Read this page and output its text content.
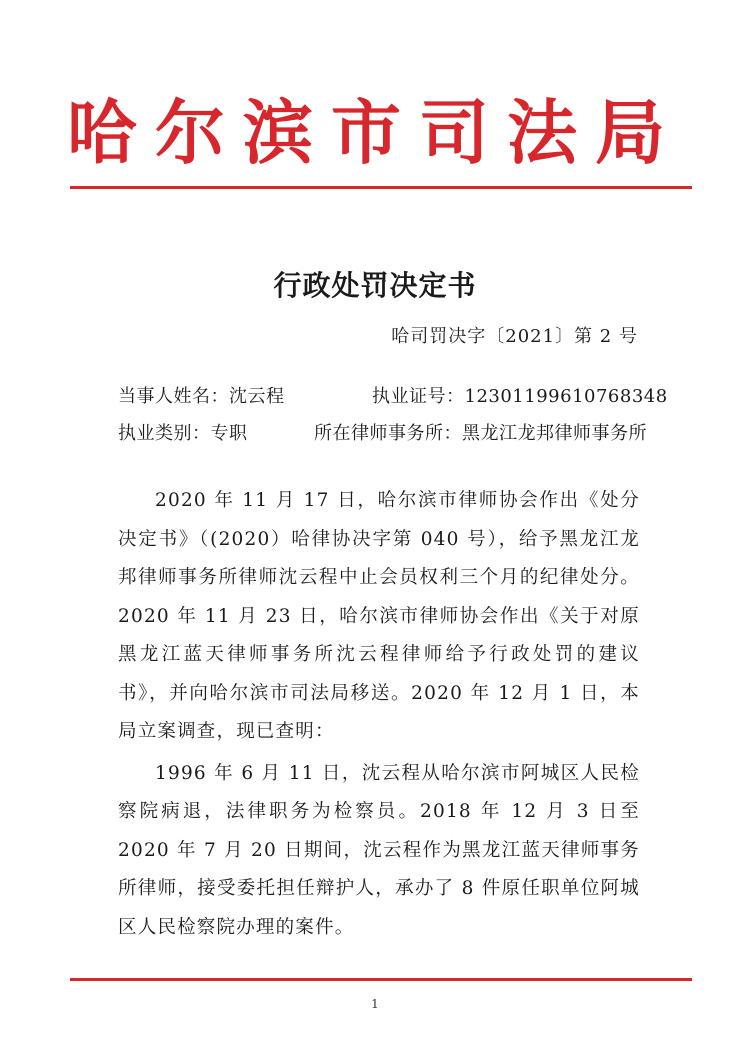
哈尔滨市司法局
行政处罚决定书
哈司罚决字〔2021〕第 2 号
当事人姓名：沈云程	执业证号：12301199610768348
执业类别：专职	所在律师事务所：黑龙江龙邦律师事务所

2020 年 11 月 17 日，哈尔滨市律师协会作出《处分决定书》（(2020）哈律协决字第 040 号），给予黑龙江龙邦律师事务所律师沈云程中止会员权利三个月的纪律处分。2020 年 11 月 23 日，哈尔滨市律师协会作出《关于对原黑龙江蓝天律师事务所沈云程律师给予行政处罚的建议书》，并向哈尔滨市司法局移送。2020 年 12 月 1 日，本局立案调查，现已查明：

1996 年 6 月 11 日，沈云程从哈尔滨市阿城区人民检察院病退，法律职务为检察员。2018 年 12 月 3 日至 2020 年 7 月 20 日期间，沈云程作为黑龙江蓝天律师事务所律师，接受委托担任辩护人，承办了 8 件原任职单位阿城区人民检察院办理的案件。

1
